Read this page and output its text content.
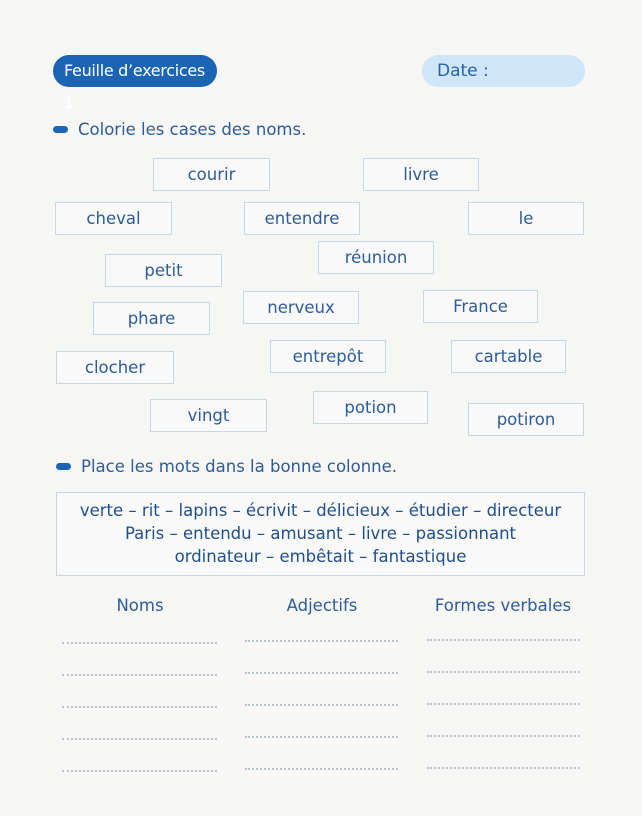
Feuille d’exercices 1
Date :
Colorie les cases des noms.
courir	livre
cheval	entendre	le
réunion
petit
phare
nerveux	France
clocher
entrepôt	cartable
vingt	potion
potiron
Place les mots dans la bonne colonne.
verte – rit – lapins – écrivit – délicieux – étudier – directeur
Paris – entendu – amusant – livre – passionnant
ordinateur – embêtait – fantastique
Noms	Adjectifs	Formes verbales
